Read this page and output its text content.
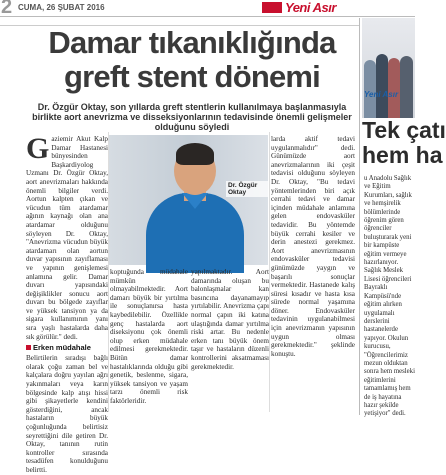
2 CUMA, 26 ŞUBAT 2016	Yeni Asır
Damar tıkanıklığında
greft stent dönemi
Dr. Özgür Oktay, son yıllarda greft stentlerin kullanılmaya başlanmasıyla birlikte aort anevrizma ve disseksiyonlarının tedavisinde önemli gelişmeler olduğunu söyledi
G aziemir Akut Kalp Damar Hastanesi bünyesinden Başkardiyolog Uzmanı Dr. Özgür Oktay, aort anevrizmaları hakkında önemli bilgiler verdi. Aortun kalpten çıkan ve vücudun tüm atardamar ağının kaynağı olan ana atardamar olduğunu söyleyen Dr. Oktay, "Anevrizma vücudun büyük atardamarı olan aortun duvar yapısının zayıflaması ve yapının genişlemesi anlamına gelir. Damar duvarı yapısındaki değişiklikler sonucu aort duvarı bu bölgede zayıflar ve yüksek tansiyon ya da sigara kullanımının yanı sıra yaşlı hastalarda daha sık görülür." dedi.
Erken müdahale
Belirtilerin sıradışı bağlı olarak çoğu zaman bel ve kalçalara doğru yayılan ağrı yakınmaları veya karın bölgesinde kalp atışı hissi gibi şikayetlerle kendini gösterdiğini, ancak hastaların büyük çoğunluğunda belirtisiz seyrettiğini dile getiren Dr. Oktay, tanının rutin kontroller sırasında tesadüfen konulduğunu belirtti.
Dr. Özgür Oktay
koptuğunda müdahale mümkün olmayabilmektedir. Aort damarı büyük bir yırtılma ile sonuçlanırsa hasta kaybedilebilir. Özellikle genç hastalarda aort diseksiyonu çok önemli olup erken müdahale edilmesi gerekmektedir. Bütün damar hastalıklarında olduğu gibi genetik, beslenme, sigara, yüksek tansiyon ve yaşam tarzı önemli risk faktörleridir.
yapılmaktadır. Aort damarında oluşan bu balonlaşmalar kan basıncına dayanamayıp yırtılabilir. Anevrizma çapı normal çapın iki katına ulaştığında damar yırtılma riski artar. Bu nedenle erken tanı büyük önem taşır ve hastaların düzenli kontrollerini aksatmaması gerekmektedir.
larda aktif tedavi uygulanmalıdır" dedi. Günümüzde aort anevrizmalarının iki çeşit tedavisi olduğunu söyleyen Dr. Oktay, "Bu tedavi yöntemlerinden biri açık cerrahi tedavi ve damar içinden müdahale anlamına gelen endovasküler tedavidir. Bu yöntemde büyük cerrahi kesiler ve derin anestezi gerekmez. Aort anevrizmasının endovasküler tedavisi günümüzde yaygın ve başarılı sonuçlar vermektedir. Hastanede kalış süresi kısadır ve hasta kısa sürede normal yaşamına döner. Endovasküler tedavinin uygulanabilmesi için anevrizmanın yapısının uygun olması gerekmektedir." şeklinde konuştu.
Yeni Asır
Tek çatı
hem ha
u Anadolu Sağlık ve Eğitim Kurumları, sağlık ve hemşirelik bölümlerinde öğrenim gören öğrenciler buluşturarak yeni bir kampüste eğitim vermeye hazırlanıyor. Sağlık Meslek Lisesi öğrencileri Bayraklı Kampüsü'nde eğitim alırken uygulamalı derslerini hastanelerde yapıyor. Okulun kurucusu, "Öğrencilerimiz mezun olduktan sonra hem mesleki eğitimlerini tamamlamış hem de iş hayatına hazır şekilde yetişiyor" dedi.
